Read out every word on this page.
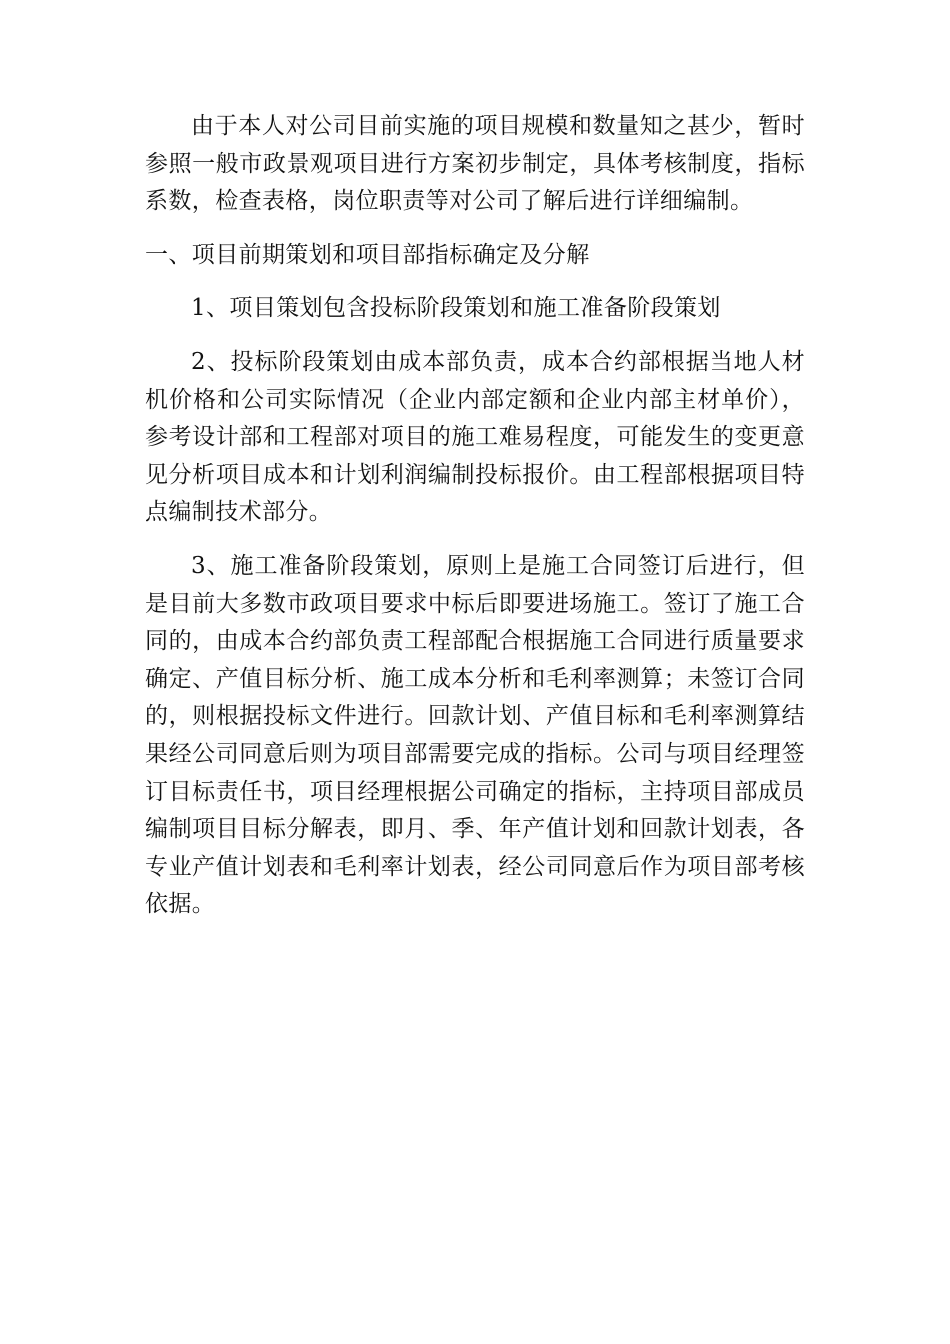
由于本人对公司目前实施的项目规模和数量知之甚少，暂时参照一般市政景观项目进行方案初步制定，具体考核制度，指标系数，检查表格，岗位职责等对公司了解后进行详细编制。

一、项目前期策划和项目部指标确定及分解

1、项目策划包含投标阶段策划和施工准备阶段策划

2、投标阶段策划由成本部负责，成本合约部根据当地人材机价格和公司实际情况（企业内部定额和企业内部主材单价），参考设计部和工程部对项目的施工难易程度，可能发生的变更意见分析项目成本和计划利润编制投标报价。由工程部根据项目特点编制技术部分。

3、施工准备阶段策划，原则上是施工合同签订后进行，但是目前大多数市政项目要求中标后即要进场施工。签订了施工合同的，由成本合约部负责工程部配合根据施工合同进行质量要求确定、产值目标分析、施工成本分析和毛利率测算；未签订合同的，则根据投标文件进行。回款计划、产值目标和毛利率测算结果经公司同意后则为项目部需要完成的指标。公司与项目经理签订目标责任书，项目经理根据公司确定的指标，主持项目部成员编制项目目标分解表，即月、季、年产值计划和回款计划表，各专业产值计划表和毛利率计划表，经公司同意后作为项目部考核依据。
